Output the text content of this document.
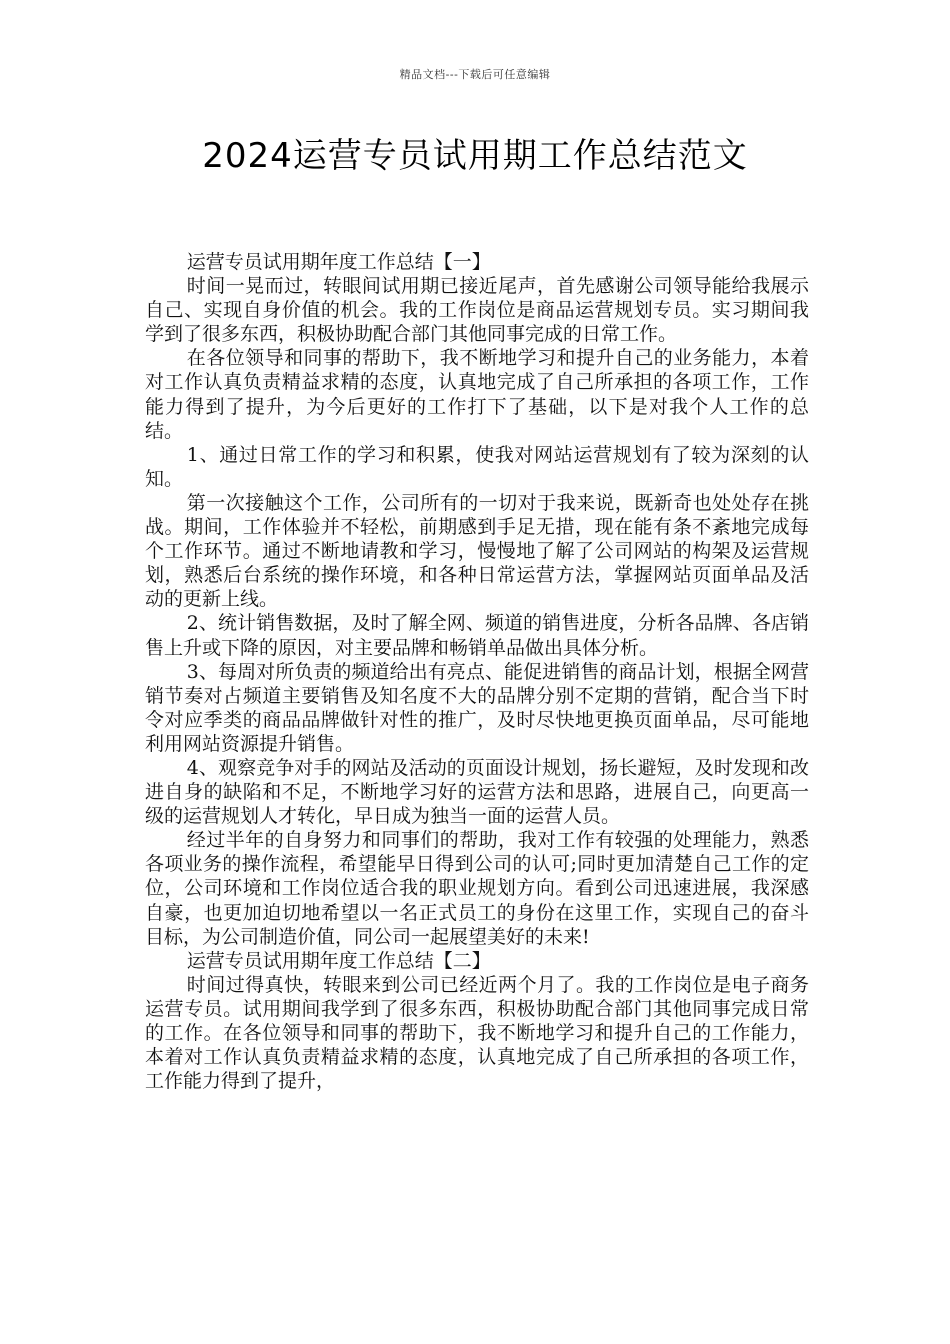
精品文档---下载后可任意编辑
2024运营专员试用期工作总结范文

运营专员试用期年度工作总结【一】

时间一晃而过，转眼间试用期已接近尾声，首先感谢公司领导能给我展示自己、实现自身价值的机会。我的工作岗位是商品运营规划专员。实习期间我学到了很多东西，积极协助配合部门其他同事完成的日常工作。

在各位领导和同事的帮助下，我不断地学习和提升自己的业务能力，本着对工作认真负责精益求精的态度，认真地完成了自己所承担的各项工作，工作能力得到了提升，为今后更好的工作打下了基础，以下是对我个人工作的总结。

1、通过日常工作的学习和积累，使我对网站运营规划有了较为深刻的认知。

第一次接触这个工作，公司所有的一切对于我来说，既新奇也处处存在挑战。期间，工作体验并不轻松，前期感到手足无措，现在能有条不紊地完成每个工作环节。通过不断地请教和学习，慢慢地了解了公司网站的构架及运营规划，熟悉后台系统的操作环境，和各种日常运营方法，掌握网站页面单品及活动的更新上线。

2、统计销售数据，及时了解全网、频道的销售进度，分析各品牌、各店销售上升或下降的原因，对主要品牌和畅销单品做出具体分析。

3、每周对所负责的频道给出有亮点、能促进销售的商品计划，根据全网营销节奏对占频道主要销售及知名度不大的品牌分别不定期的营销，配合当下时令对应季类的商品品牌做针对性的推广，及时尽快地更换页面单品，尽可能地利用网站资源提升销售。

4、观察竞争对手的网站及活动的页面设计规划，扬长避短，及时发现和改进自身的缺陷和不足，不断地学习好的运营方法和思路，进展自己，向更高一级的运营规划人才转化，早日成为独当一面的运营人员。

经过半年的自身努力和同事们的帮助，我对工作有较强的处理能力，熟悉各项业务的操作流程，希望能早日得到公司的认可;同时更加清楚自己工作的定位，公司环境和工作岗位适合我的职业规划方向。看到公司迅速进展，我深感自豪，也更加迫切地希望以一名正式员工的身份在这里工作，实现自己的奋斗目标，为公司制造价值，同公司一起展望美好的未来!

运营专员试用期年度工作总结【二】

时间过得真快，转眼来到公司已经近两个月了。我的工作岗位是电子商务运营专员。试用期间我学到了很多东西，积极协助配合部门其他同事完成日常的工作。在各位领导和同事的帮助下，我不断地学习和提升自己的工作能力，本着对工作认真负责精益求精的态度，认真地完成了自己所承担的各项工作，工作能力得到了提升，
